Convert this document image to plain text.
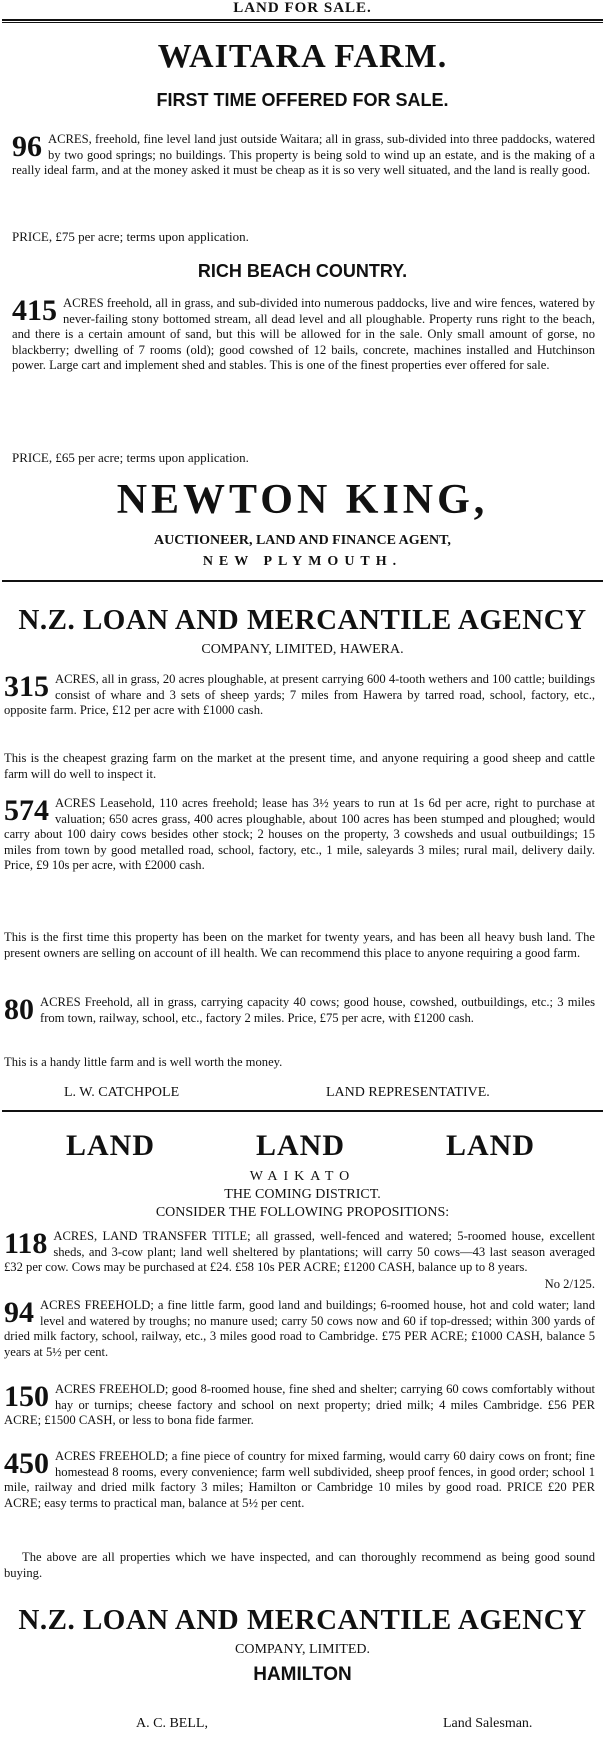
LAND FOR SALE.
WAITARA FARM.
FIRST TIME OFFERED FOR SALE.
96 ACRES, freehold, fine level land just outside Waitara; all in grass, sub-divided into three paddocks, watered by two good springs; no buildings. This property is being sold to wind up an estate, and is the making of a really ideal farm, and at the money asked it must be cheap as it is so very well situated, and the land is really good.
PRICE, £75 per acre; terms upon application.
RICH BEACH COUNTRY.
415 ACRES freehold, all in grass, and sub-divided into numerous paddocks, live and wire fences, watered by never-failing stony bottomed stream, all dead level and all ploughable. Property runs right to the beach, and there is a certain amount of sand, but this will be allowed for in the sale. Only small amount of gorse, no blackberry; dwelling of 7 rooms (old); good cowshed of 12 bails, concrete, machines installed and Hutchinson power. Large cart and implement shed and stables. This is one of the finest properties ever offered for sale.
PRICE, £65 per acre; terms upon application.
NEWTON KING,
AUCTIONEER, LAND AND FINANCE AGENT,
NEW PLYMOUTH.
N.Z. LOAN AND MERCANTILE AGENCY
COMPANY, LIMITED, HAWERA.
315 ACRES, all in grass, 20 acres ploughable, at present carrying 600 4-tooth wethers and 100 cattle; buildings consist of whare and 3 sets of sheep yards; 7 miles from Hawera by tarred road, school, factory, etc., opposite farm. Price, £12 per acre with £1000 cash.
This is the cheapest grazing farm on the market at the present time, and anyone requiring a good sheep and cattle farm will do well to inspect it.
574 ACRES Leasehold, 110 acres freehold; lease has 3½ years to run at 1s 6d per acre, right to purchase at valuation; 650 acres grass, 400 acres ploughable, about 100 acres has been stumped and ploughed; would carry about 100 dairy cows besides other stock; 2 houses on the property, 3 cowsheds and usual outbuildings; 15 miles from town by good metalled road, school, factory, etc., 1 mile, saleyards 3 miles; rural mail, delivery daily. Price, £9 10s per acre, with £2000 cash.
This is the first time this property has been on the market for twenty years, and has been all heavy bush land. The present owners are selling on account of ill health. We can recommend this place to anyone requiring a good farm.
80 ACRES Freehold, all in grass, carrying capacity 40 cows; good house, cowshed, outbuildings, etc.; 3 miles from town, railway, school, etc., factory 2 miles. Price, £75 per acre, with £1200 cash.
This is a handy little farm and is well worth the money.
L. W. CATCHPOLE	LAND REPRESENTATIVE.
LAND	LAND	LAND
WAIKATO
THE COMING DISTRICT.
CONSIDER THE FOLLOWING PROPOSITIONS:
118 ACRES, LAND TRANSFER TITLE; all grassed, well-fenced and watered; 5-roomed house, excellent sheds, and 3-cow plant; land well sheltered by plantations; will carry 50 cows—43 last season averaged £32 per cow. Cows may be purchased at £24. £58 10s PER ACRE; £1200 CASH, balance up to 8 years.
No 2/125.
94 ACRES FREEHOLD; a fine little farm, good land and buildings; 6-roomed house, hot and cold water; land level and watered by troughs; no manure used; carry 50 cows now and 60 if top-dressed; within 300 yards of dried milk factory, school, railway, etc., 3 miles good road to Cambridge. £75 PER ACRE; £1000 CASH, balance 5 years at 5½ per cent.
150 ACRES FREEHOLD; good 8-roomed house, fine shed and shelter; carrying 60 cows comfortably without hay or turnips; cheese factory and school on next property; dried milk; 4 miles Cambridge. £56 PER ACRE; £1500 CASH, or less to bona fide farmer.
450 ACRES FREEHOLD; a fine piece of country for mixed farming, would carry 60 dairy cows on front; fine homestead 8 rooms, every convenience; farm well subdivided, sheep proof fences, in good order; school 1 mile, railway and dried milk factory 3 miles; Hamilton or Cambridge 10 miles by good road. PRICE £20 PER ACRE; easy terms to practical man, balance at 5½ per cent.
The above are all properties which we have inspected, and can thoroughly recommend as being good sound buying.
N.Z. LOAN AND MERCANTILE AGENCY
COMPANY, LIMITED.
HAMILTON
A. C. BELL,	Land Salesman.
